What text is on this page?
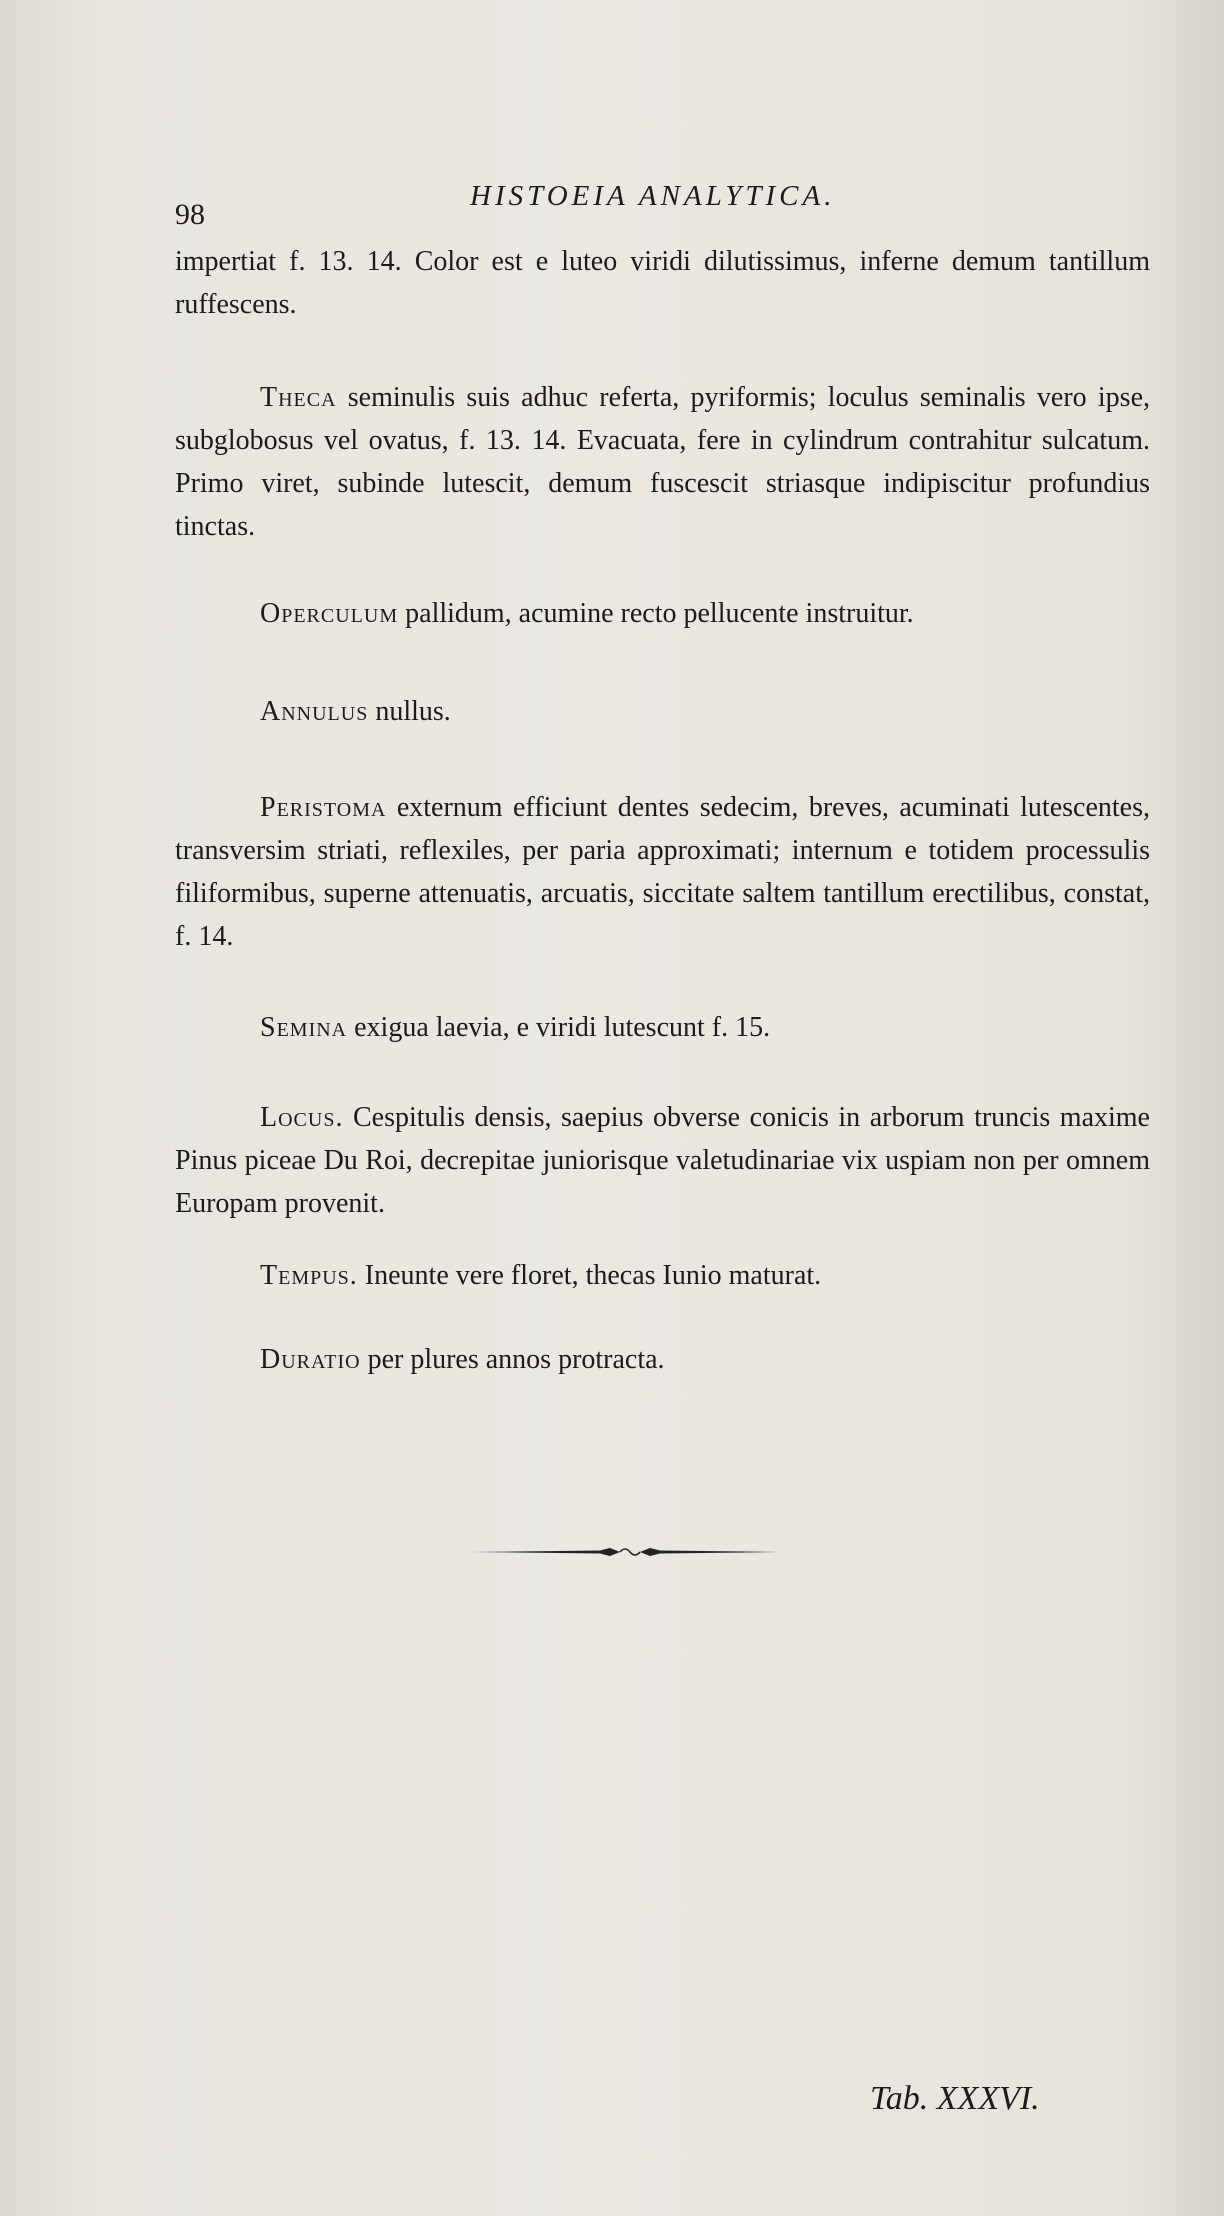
98
HISTOEIA ANALYTICA.

impertiat f. 13. 14. Color est e luteo viridi dilutissimus, inferne demum tantillum ruffescens.

Theca seminulis suis adhuc referta, pyriformis; loculus seminalis vero ipse, subglobosus vel ovatus, f. 13. 14. Evacuata, fere in cylindrum contrahitur sulcatum. Primo viret, subinde lutescit, demum fuscescit striasque indipiscitur profundius tinctas.

Operculum pallidum, acumine recto pellucente instruitur.

Annulus nullus.

Peristoma externum efficiunt dentes sedecim, breves, acuminati lutescentes, transversim striati, reflexiles, per paria approximati; internum e totidem processulis filiformibus, superne attenuatis, arcuatis, siccitate saltem tantillum erectilibus, constat, f. 14.

Semina exigua laevia, e viridi lutescunt f. 15.

Locus. Cespitulis densis, saepius obverse conicis in arborum truncis maxime Pinus piceae Du Roi, decrepitae juniorisque valetudinariae vix uspiam non per omnem Europam provenit.

Tempus. Ineunte vere floret, thecas Iunio maturat.

Duratio per plures annos protracta.

Tab. XXXVI.
